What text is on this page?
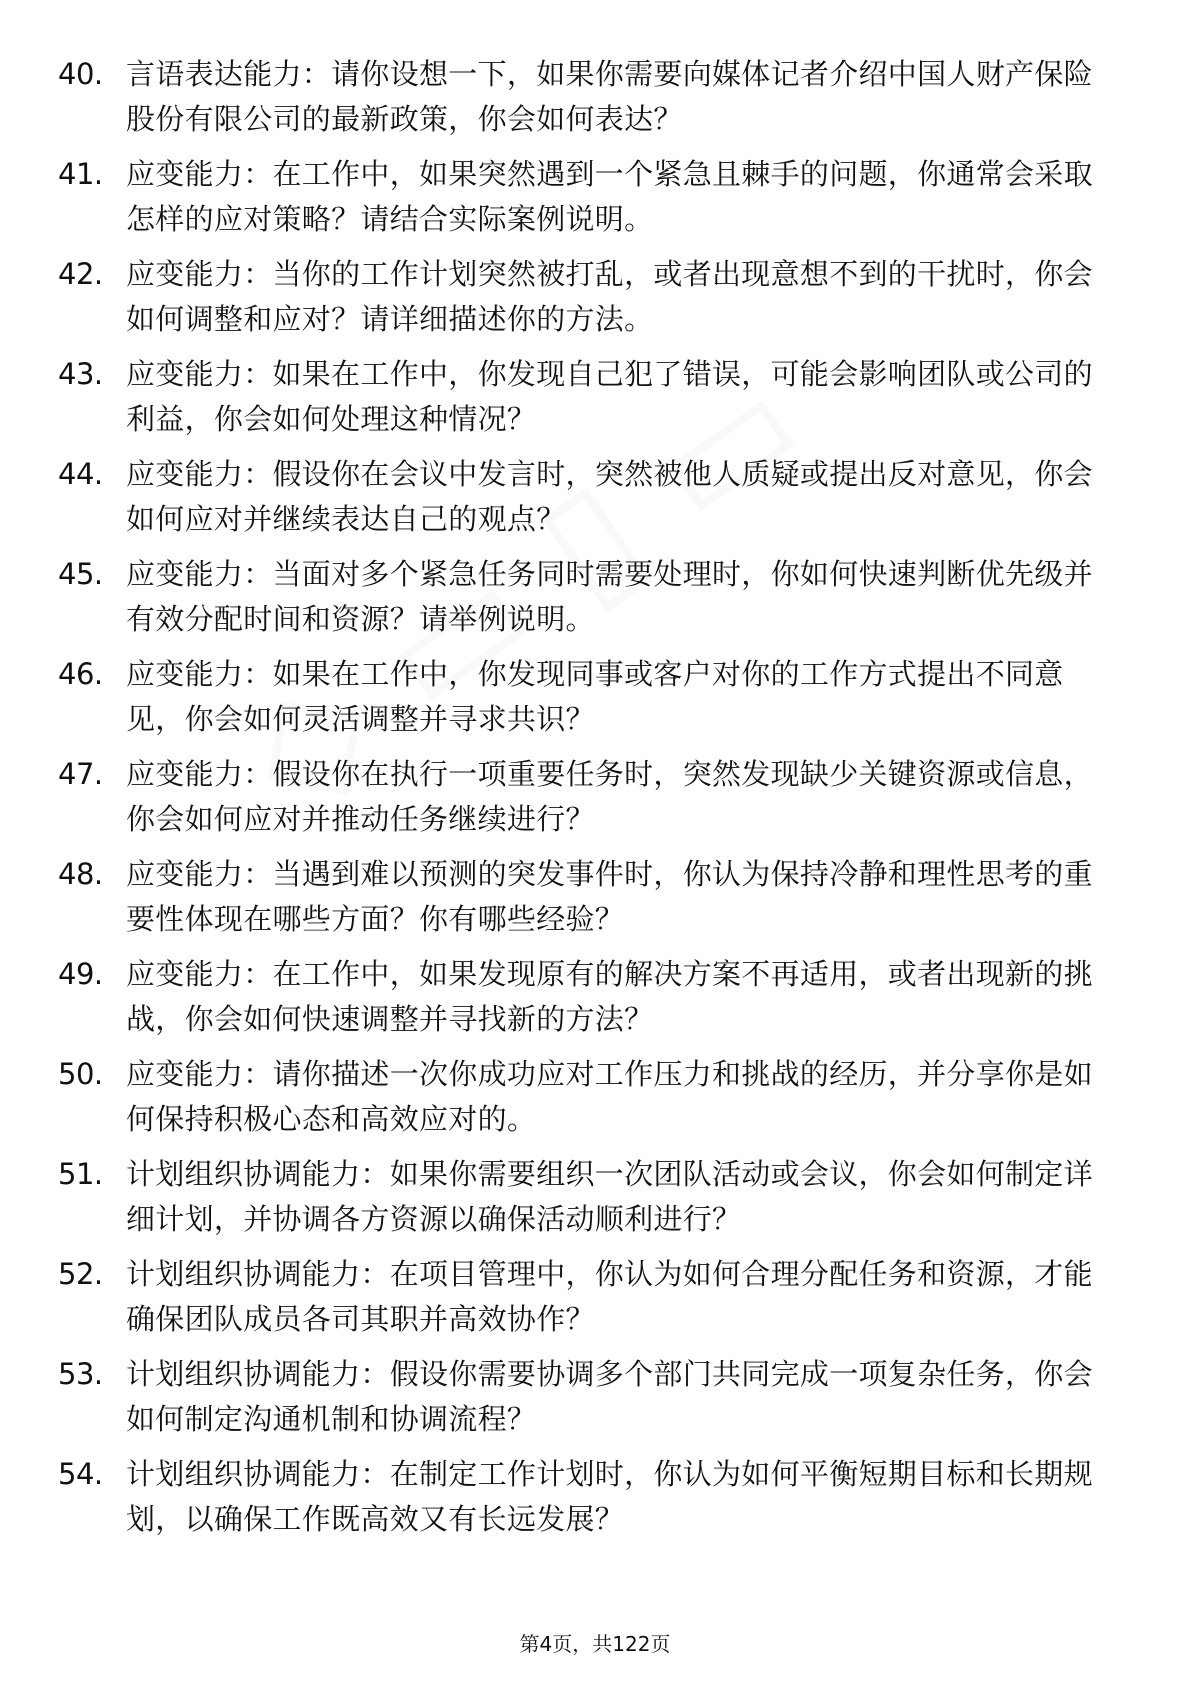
40. 言语表达能力：请你设想一下，如果你需要向媒体记者介绍中国人财产保险股份有限公司的最新政策，你会如何表达？
41. 应变能力：在工作中，如果突然遇到一个紧急且棘手的问题，你通常会采取怎样的应对策略？请结合实际案例说明。
42. 应变能力：当你的工作计划突然被打乱，或者出现意想不到的干扰时，你会如何调整和应对？请详细描述你的方法。
43. 应变能力：如果在工作中，你发现自己犯了错误，可能会影响团队或公司的利益，你会如何处理这种情况？
44. 应变能力：假设你在会议中发言时，突然被他人质疑或提出反对意见，你会如何应对并继续表达自己的观点？
45. 应变能力：当面对多个紧急任务同时需要处理时，你如何快速判断优先级并有效分配时间和资源？请举例说明。
46. 应变能力：如果在工作中，你发现同事或客户对你的工作方式提出不同意见，你会如何灵活调整并寻求共识？
47. 应变能力：假设你在执行一项重要任务时，突然发现缺少关键资源或信息，你会如何应对并推动任务继续进行？
48. 应变能力：当遇到难以预测的突发事件时，你认为保持冷静和理性思考的重要性体现在哪些方面？你有哪些经验？
49. 应变能力：在工作中，如果发现原有的解决方案不再适用，或者出现新的挑战，你会如何快速调整并寻找新的方法？
50. 应变能力：请你描述一次你成功应对工作压力和挑战的经历，并分享你是如何保持积极心态和高效应对的。
51. 计划组织协调能力：如果你需要组织一次团队活动或会议，你会如何制定详细计划，并协调各方资源以确保活动顺利进行？
52. 计划组织协调能力：在项目管理中，你认为如何合理分配任务和资源，才能确保团队成员各司其职并高效协作？
53. 计划组织协调能力：假设你需要协调多个部门共同完成一项复杂任务，你会如何制定沟通机制和协调流程？
54. 计划组织协调能力：在制定工作计划时，你认为如何平衡短期目标和长期规划，以确保工作既高效又有长远发展？
第4页，共122页
